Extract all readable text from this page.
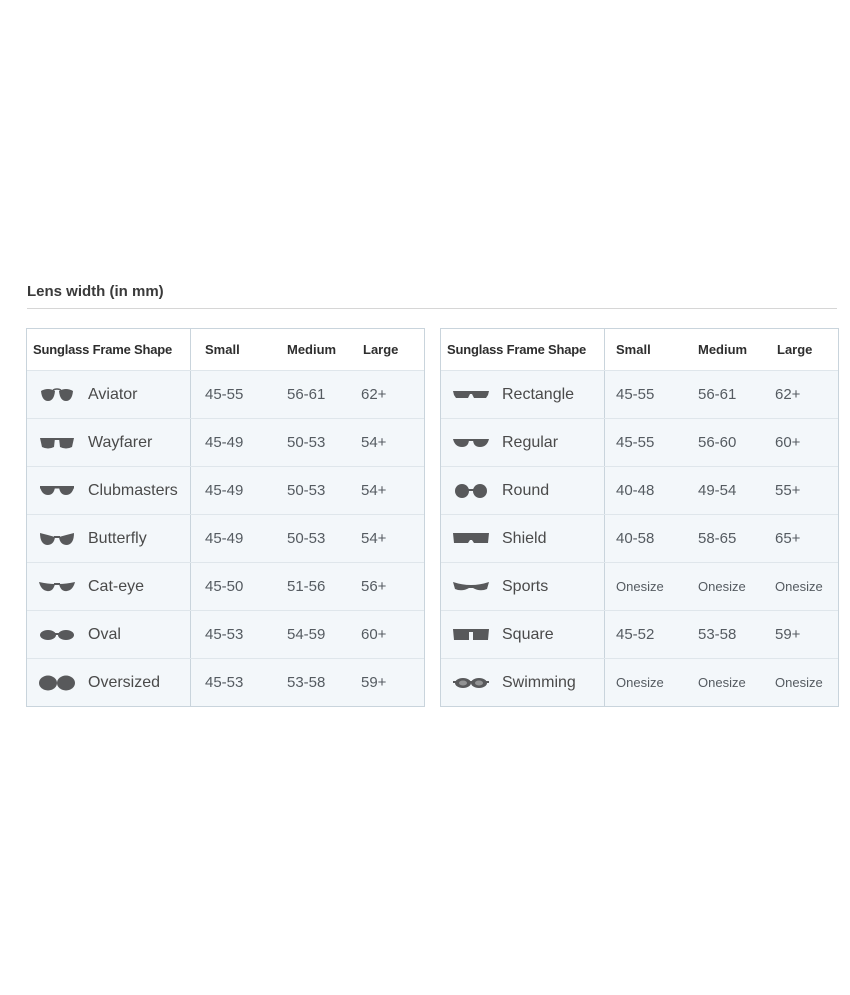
Lens width (in mm)
Sunglass Frame Shape	Small	Medium	Large
Aviator	45-55	56-61	62+
Wayfarer	45-49	50-53	54+
Clubmasters	45-49	50-53	54+
Butterfly	45-49	50-53	54+
Cat-eye	45-50	51-56	56+
Oval	45-53	54-59	60+
Oversized	45-53	53-58	59+
Sunglass Frame Shape	Small	Medium	Large
Rectangle	45-55	56-61	62+
Regular	45-55	56-60	60+
Round	40-48	49-54	55+
Shield	40-58	58-65	65+
Sports	Onesize	Onesize	Onesize
Square	45-52	53-58	59+
Swimming	Onesize	Onesize	Onesize
